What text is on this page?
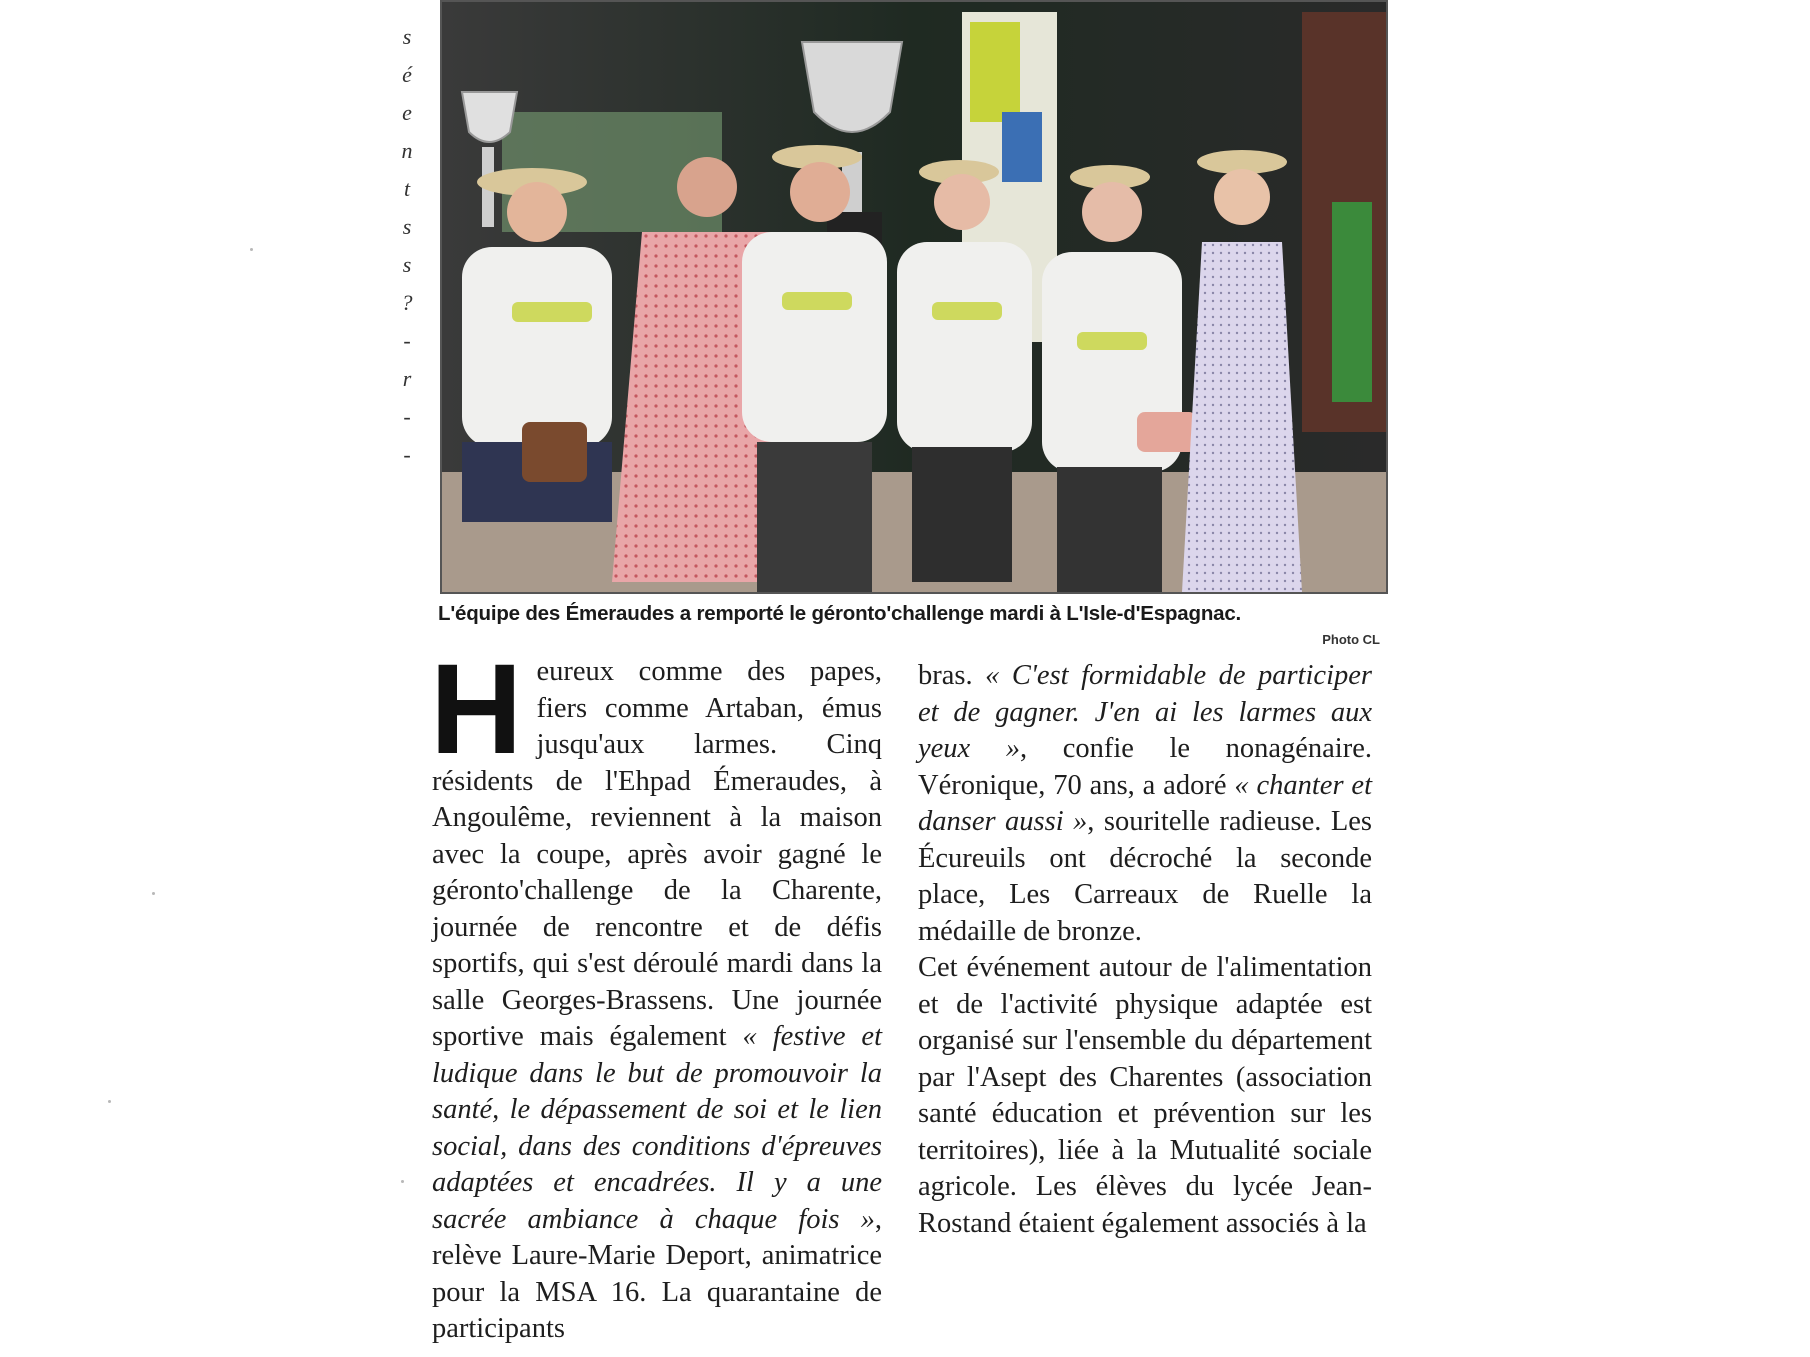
s
é
e
n
t
s
s
?
-
r
-
-
L'équipe des Émeraudes a remporté le géronto'challenge mardi à L'Isle-d'Espagnac.
Photo CL
H eureux comme des papes, fiers comme Artaban, émus jusqu'aux larmes. Cinq résidents de l'Ehpad Émeraudes, à Angoulême, reviennent à la maison avec la coupe, après avoir gagné le géronto'challenge de la Charente, journée de rencontre et de défis sportifs, qui s'est déroulé mardi dans la salle Georges-Brassens. Une journée sportive mais également « festive et ludique dans le but de promouvoir la santé, le dépassement de soi et le lien social, dans des conditions d'épreuves adaptées et encadrées. Il y a une sacrée ambiance à chaque fois », relève Laure-Marie Deport, animatrice pour la MSA 16. La quarantaine de participants

bras. « C'est formidable de participer et de gagner. J'en ai les larmes aux yeux », confie le nonagénaire. Véronique, 70 ans, a adoré « chanter et danser aussi », souritelle radieuse. Les Écureuils ont décroché la seconde place, Les Carreaux de Ruelle la médaille de bronze.

Cet événement autour de l'alimentation et de l'activité physique adaptée est organisé sur l'ensemble du département par l'Asept des Charentes (association santé éducation et prévention sur les territoires), liée à la Mutualité sociale agricole. Les élèves du lycée Jean-Rostand étaient également associés à la
